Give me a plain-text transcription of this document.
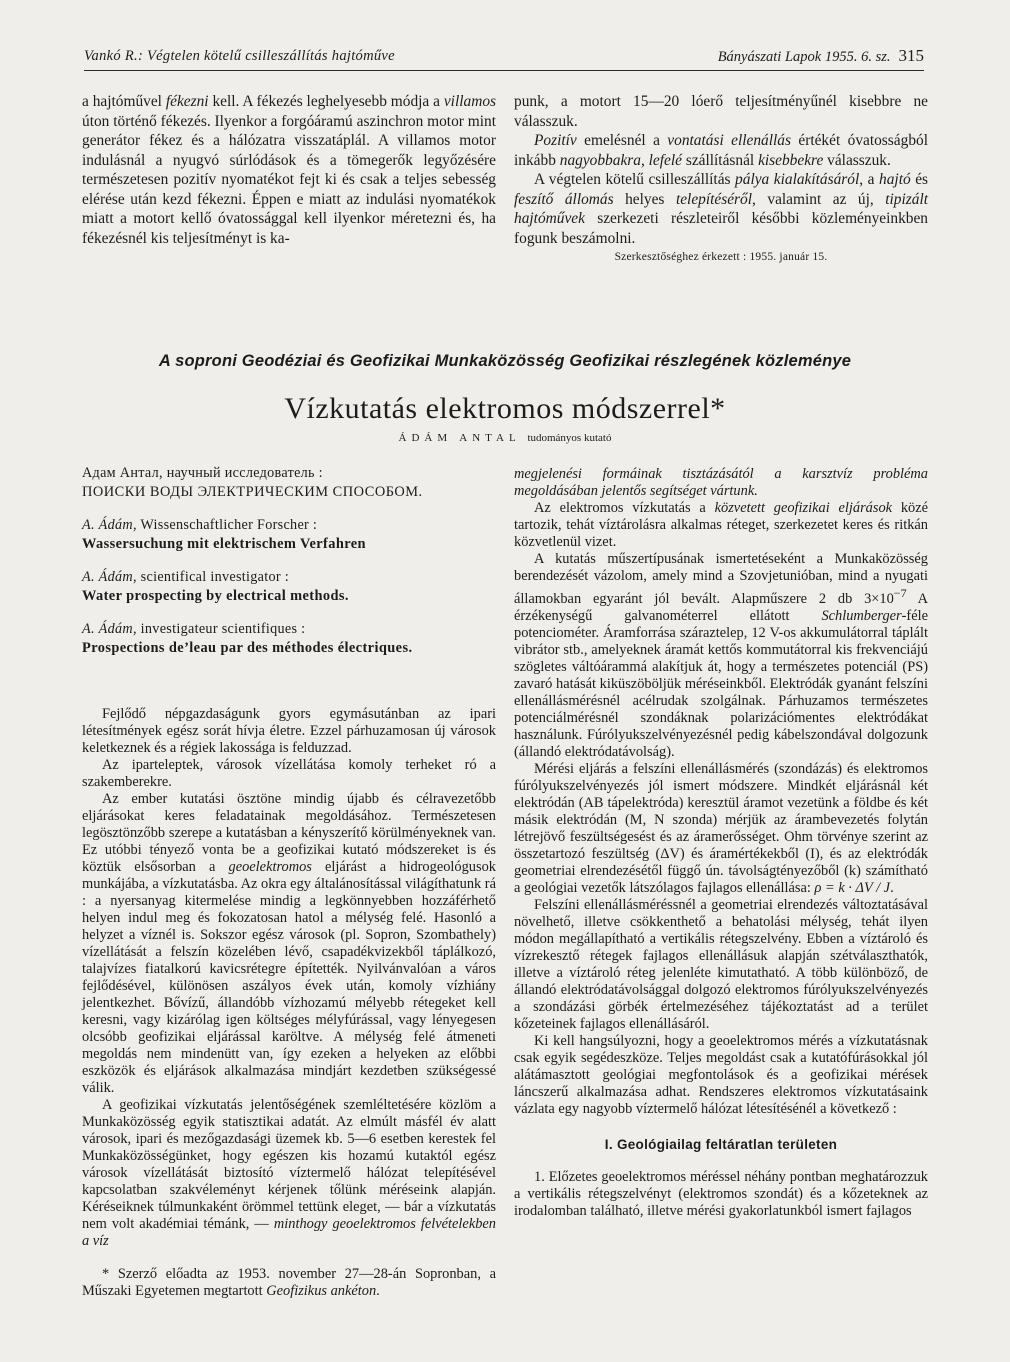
Vankó R.: Végtelen kötelű csilleszállítás hajtóműve	Bányászati Lapok 1955. 6. sz. 315

a hajtóművel fékezni kell. A fékezés leghelyesebb módja a villamos úton történő fékezés. Ilyenkor a forgóáramú aszinchron motor mint generátor fékez és a hálózatra visszatáplál. A villamos motor indulásnál a nyugvó súrlódások és a tömegerők legyőzésére természetesen pozitív nyomatékot fejt ki és csak a teljes sebesség elérése után kezd fékezni. Éppen e miatt az indulási nyomatékok miatt a motort kellő óvatossággal kell ilyenkor méretezni és, ha fékezésnél kis teljesítményt is ka-

punk, a motort 15—20 lóerő teljesítményűnél kisebbre ne válasszuk.

Pozitív emelésnél a vontatási ellenállás értékét óvatosságból inkább nagyobbakra, lefelé szállításnál kisebbekre válasszuk.

A végtelen kötelű csilleszállítás pálya kialakításáról, a hajtó és feszítő állomás helyes telepítéséről, valamint az új, tipizált hajtóművek szerkezeti részleteiről későbbi közleményeinkben fogunk beszámolni.

Szerkesztőséghez érkezett : 1955. január 15.

A soproni Geodéziai és Geofizikai Munkaközösség Geofizikai részlegének közleménye
Vízkutatás elektromos módszerrel*
ÁDÁM ANTAL tudományos kutató
Адам Антал, научный исследователь :
ПОИСКИ ВОДЫ ЭЛЕКТРИЧЕСКИМ СПОСОБОМ.
A. Ádám, Wissenschaftlicher Forscher :
Wassersuchung mit elektrischem Verfahren
A. Ádám, scientifical investigator :
Water prospecting by electrical methods.
A. Ádám, investigateur scientifiques :
Prospections de’leau par des méthodes électriques.

Fejlődő népgazdaságunk gyors egymásutánban az ipari létesítmények egész sorát hívja életre. Ezzel párhuzamosan új városok keletkeznek és a régiek lakossága is felduzzad.

Az iparteleptek, városok vízellátása komoly terheket ró a szakemberekre.

Az ember kutatási ösztöne mindig újabb és célravezetőbb eljárásokat keres feladatainak megoldásához. Természetesen legösztönzőbb szerepe a kutatásban a kényszerítő körülményeknek van. Ez utóbbi tényező vonta be a geofizikai kutató módszereket is és köztük elsősorban a geoelektromos eljárást a hidrogeológusok munkájába, a vízkutatásba. Az okra egy általánosítással világíthatunk rá : a nyersanyag kitermelése mindig a legkönnyebben hozzáférhető helyen indul meg és fokozatosan hatol a mélység felé. Hasonló a helyzet a víznél is. Sokszor egész városok (pl. Sopron, Szombathely) vízellátását a felszín közelében lévő, csapadékvizekből táplálkozó, talajvízes fiatalkorú kavicsrétegre építették. Nyilvánvalóan a város fejlődésével, különösen aszályos évek után, komoly vízhiány jelentkezhet. Bővízű, állandóbb vízhozamú mélyebb rétegeket kell keresni, vagy kizárólag igen költséges mélyfúrással, vagy lényegesen olcsóbb geofizikai eljárással karöltve. A mélység felé átmeneti megoldás nem mindenütt van, így ezeken a helyeken az előbbi eszközök és eljárások alkalmazása mindjárt kezdetben szükségessé válik.

A geofizikai vízkutatás jelentőségének szemléltetésére közlöm a Munkaközösség egyik statisztikai adatát. Az elmúlt másfél év alatt városok, ipari és mezőgazdasági üzemek kb. 5—6 esetben kerestek fel Munkaközösségünket, hogy egészen kis hozamú kutaktól egész városok vízellátását biztosító víztermelő hálózat telepítésével kapcsolatban szakvéleményt kérjenek tőlünk méréseink alapján. Kéréseiknek túlmunkaként örömmel tettünk eleget, — bár a vízkutatás nem volt akadémiai témánk, — minthogy geoelektromos felvételekben a víz

* Szerző előadta az 1953. november 27—28-án Sopronban, a Műszaki Egyetemen megtartott Geofizikus ankéton.

megjelenési formáinak tisztázásától a karsztvíz probléma megoldásában jelentős segítséget vártunk.

Az elektromos vízkutatás a közvetett geofizikai eljárások közé tartozik, tehát víztárolásra alkalmas réteget, szerkezetet keres és ritkán közvetlenül vizet.

A kutatás műszertípusának ismertetéseként a Munkaközösség berendezését vázolom, amely mind a Szovjetunióban, mind a nyugati államokban egyaránt jól bevált. Alapműszere 2 db $3\times 10^{-7}$ A érzékenységű galvanométerrel ellátott Schlumberger-féle potenciométer. Áramforrása száraztelep, 12 V-os akkumulátorral táplált vibrátor stb., amelyeknek áramát kettős kommutátorral kis frekvenciájú szögletes váltóárammá alakítjuk át, hogy a természetes potenciál (PS) zavaró hatását kiküszöböljük méréseinkből. Elektródák gyanánt felszíni ellenállásmérésnél acélrudak szolgálnak. Párhuzamos természetes potenciálmérésnél szondáknak polarizációmentes elektródákat használunk. Fúrólyukszelvényezésnél pedig kábelszondával dolgozunk (állandó elektródatávolság).

Mérési eljárás a felszíni ellenállásmérés (szondázás) és elektromos fúrólyukszelvényezés jól ismert módszere. Mindkét eljárásnál két elektródán (AB tápelektróda) keresztül áramot vezetünk a földbe és két másik elektródán (M, N szonda) mérjük az árambevezetés folytán létrejövő feszültségesést és az áramerősséget. Ohm törvénye szerint az összetartozó feszültség (ΔV) és áramértékekből (I), és az elektródák geometriai elrendezésétől függő ún. távolságtényezőből (k) számítható a geológiai vezetők látszólagos fajlagos ellenállása: ρ = k · ΔV / J.

Felszíni ellenállásméréssnél a geometriai elrendezés változtatásával növelhető, illetve csökkenthető a behatolási mélység, tehát ilyen módon megállapítható a vertikális rétegszelvény. Ebben a víztároló és vízrekesztő rétegek fajlagos ellenállásuk alapján szétválaszthatók, illetve a víztároló réteg jelenléte kimutatható. A több különböző, de állandó elektródatávolsággal dolgozó elektromos fúrólyukszelvényezés a szondázási görbék értelmezéséhez tájékoztatást ad a terület kőzeteinek fajlagos ellenállásáról.

Ki kell hangsúlyozni, hogy a geoelektromos mérés a vízkutatásnak csak egyik segédeszköze. Teljes megoldást csak a kutatófúrásokkal jól alátámasztott geológiai megfontolások és a geofizikai mérések láncszerű alkalmazása adhat. Rendszeres elektromos vízkutatásaink vázlata egy nagyobb víztermelő hálózat létesítésénél a következő :

I. Geológiailag feltáratlan területen

1. Előzetes geoelektromos méréssel néhány pontban meghatározzuk a vertikális rétegszelvényt (elektromos szondát) és a kőzeteknek az irodalomban található, illetve mérési gyakorlatunkból ismert fajlagos
